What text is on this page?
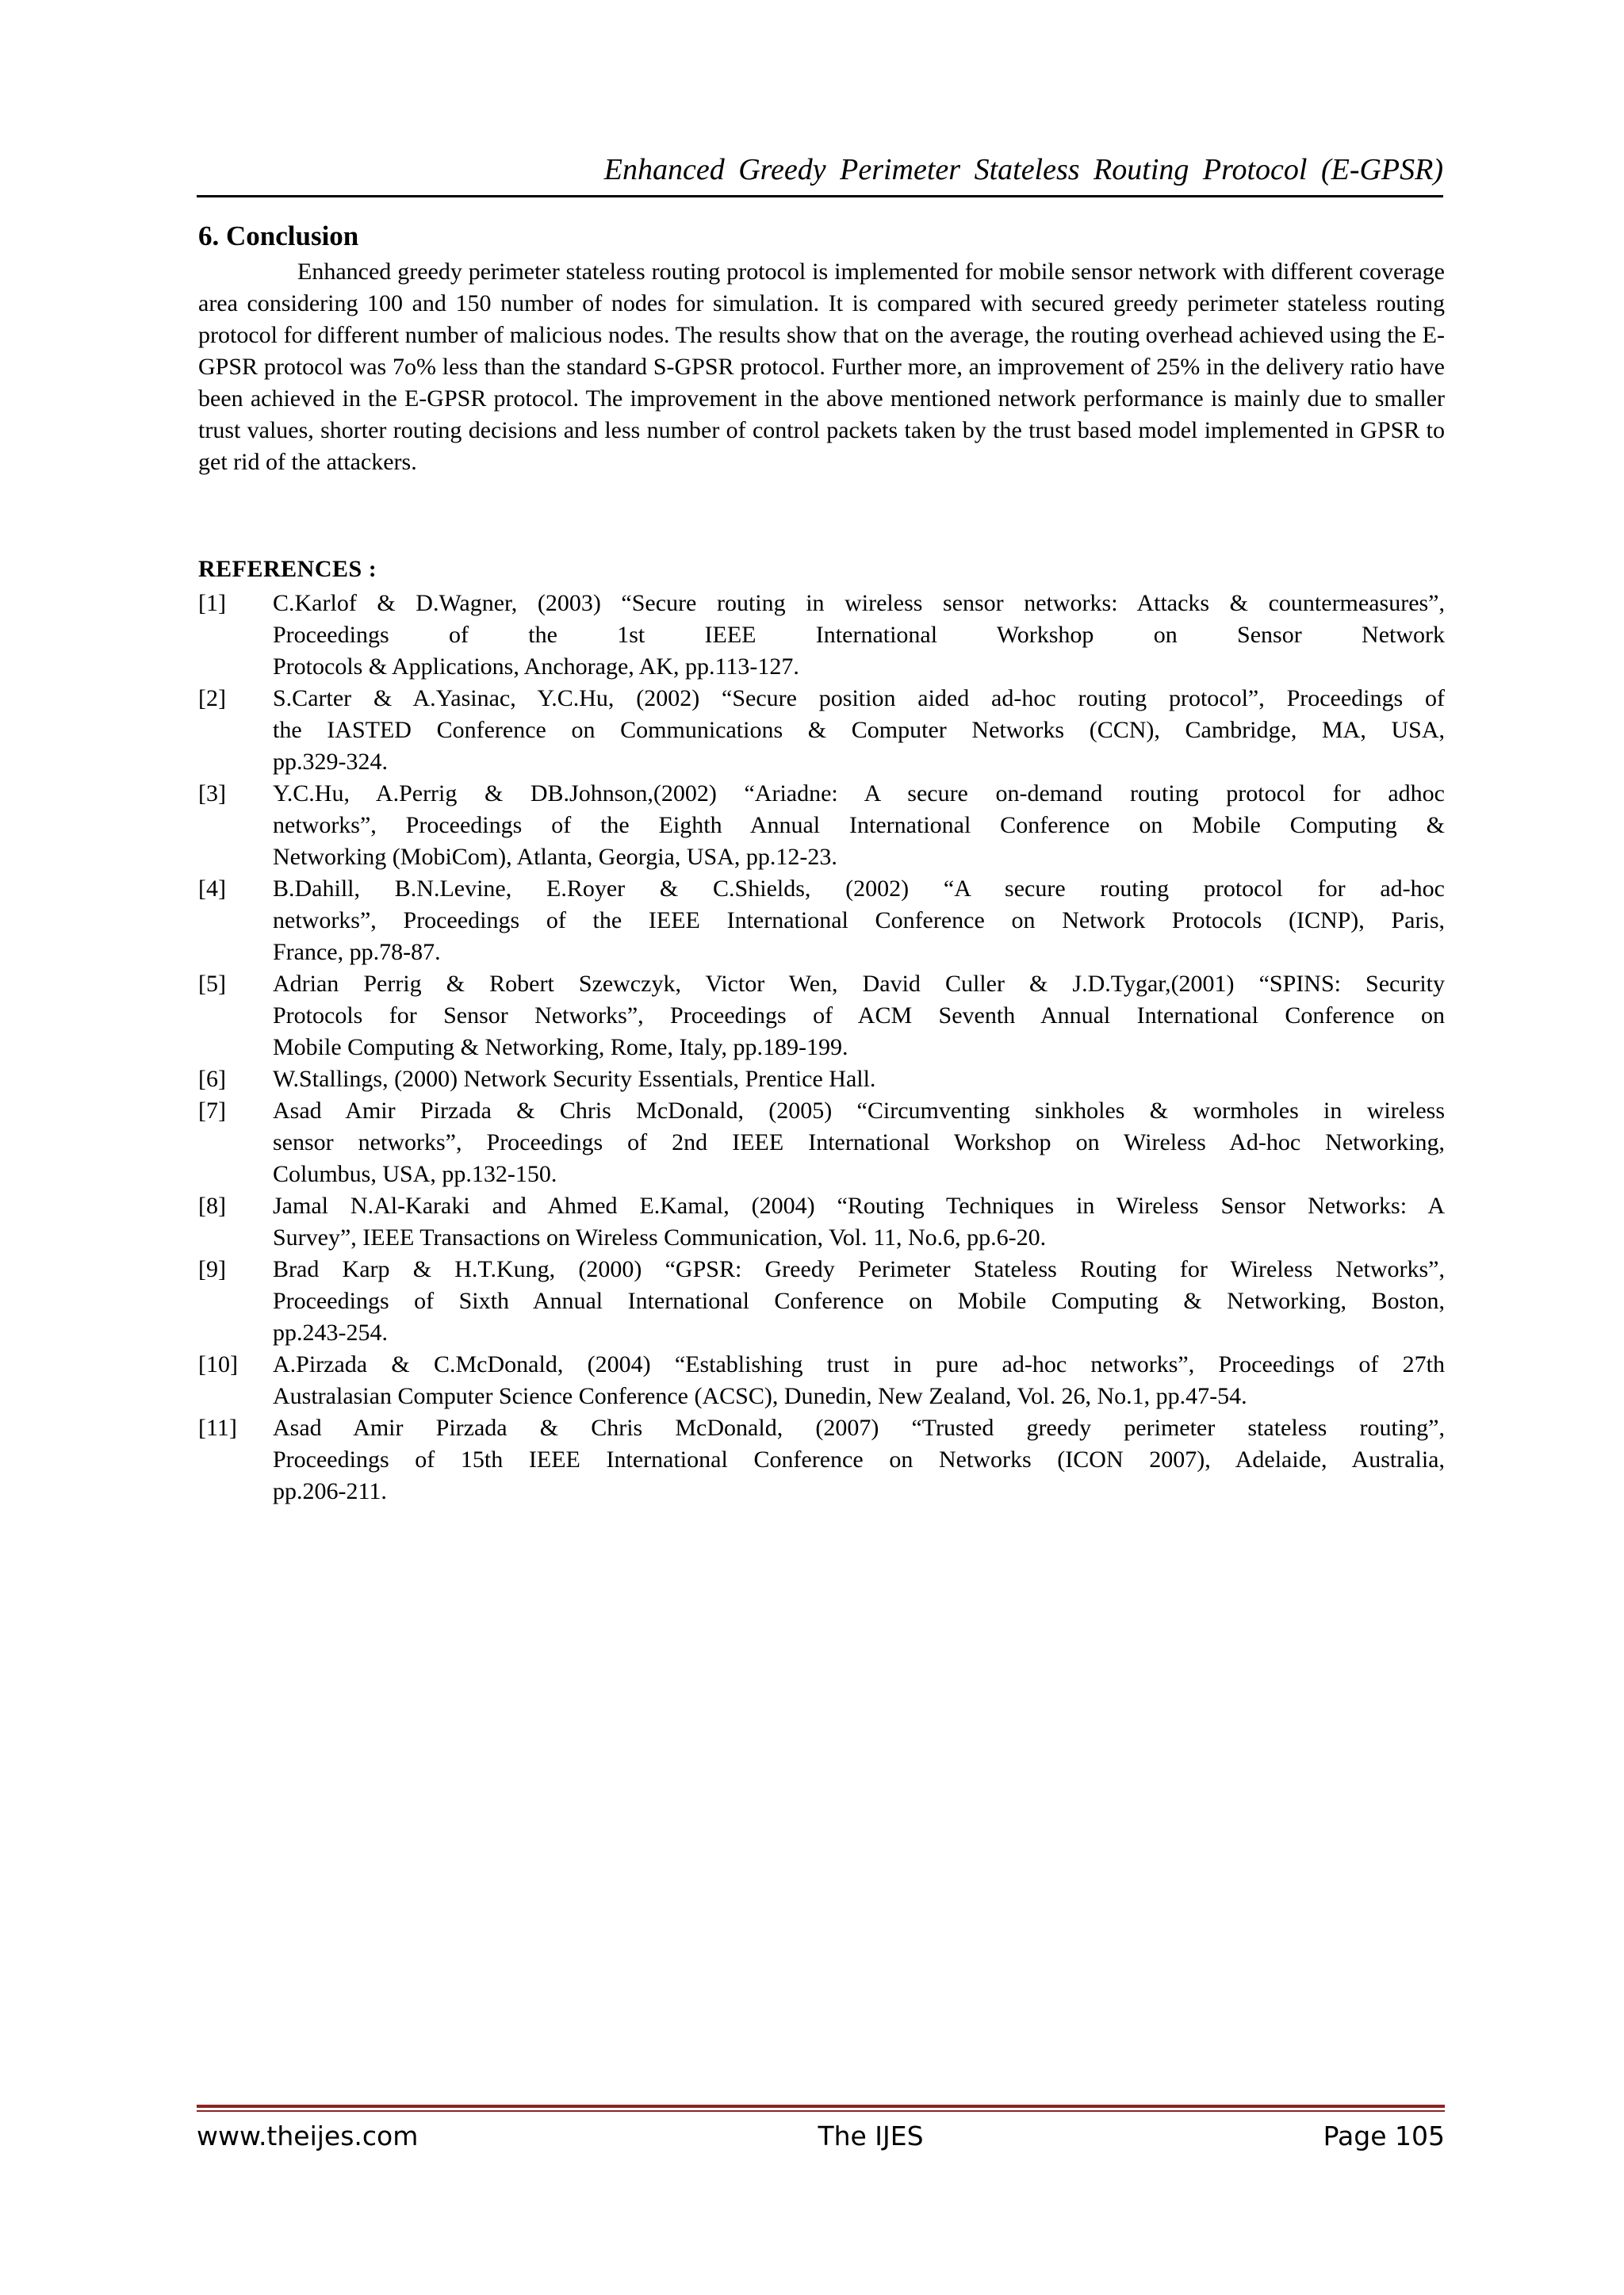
Enhanced Greedy Perimeter Stateless Routing Protocol (E-GPSR)
6. Conclusion

Enhanced greedy perimeter stateless routing protocol is implemented for mobile sensor network with different coverage area considering 100 and 150 number of nodes for simulation. It is compared with secured greedy perimeter stateless routing protocol for different number of malicious nodes. The results show that on the average, the routing overhead achieved using the E-GPSR protocol was 7o% less than the standard S-GPSR protocol. Further more, an improvement of 25% in the delivery ratio have been achieved in the E-GPSR protocol. The improvement in the above mentioned network performance is mainly due to smaller trust values, shorter routing decisions and less number of control packets taken by the trust based model implemented in GPSR to get rid of the attackers.

REFERENCES :
[1]	C.Karlof & D.Wagner, (2003) “Secure routing in wireless sensor networks: Attacks & countermeasures”,
Proceedings of the 1st IEEE International Workshop on Sensor Network
Protocols & Applications, Anchorage, AK, pp.113-127.
[2]	S.Carter & A.Yasinac, Y.C.Hu, (2002) “Secure position aided ad-hoc routing protocol”, Proceedings of
the IASTED Conference on Communications & Computer Networks (CCN), Cambridge, MA, USA,
pp.329-324.
[3]	Y.C.Hu, A.Perrig & DB.Johnson,(2002) “Ariadne: A secure on-demand routing protocol for adhoc
networks”, Proceedings of the Eighth Annual International Conference on Mobile Computing &
Networking (MobiCom), Atlanta, Georgia, USA, pp.12-23.
[4]	B.Dahill, B.N.Levine, E.Royer & C.Shields, (2002) “A secure routing protocol for ad-hoc
networks”, Proceedings of the IEEE International Conference on Network Protocols (ICNP), Paris,
France, pp.78-87.
[5]	Adrian Perrig & Robert Szewczyk, Victor Wen, David Culler & J.D.Tygar,(2001) “SPINS: Security
Protocols for Sensor Networks”, Proceedings of ACM Seventh Annual International Conference on
Mobile Computing & Networking, Rome, Italy, pp.189-199.
[6]	W.Stallings, (2000) Network Security Essentials, Prentice Hall.
[7]	Asad Amir Pirzada & Chris McDonald, (2005) “Circumventing sinkholes & wormholes in wireless
sensor networks”, Proceedings of 2nd IEEE International Workshop on Wireless Ad-hoc Networking,
Columbus, USA, pp.132-150.
[8]	Jamal N.Al-Karaki and Ahmed E.Kamal, (2004) “Routing Techniques in Wireless Sensor Networks: A
Survey”, IEEE Transactions on Wireless Communication, Vol. 11, No.6, pp.6-20.
[9]	Brad Karp & H.T.Kung, (2000) “GPSR: Greedy Perimeter Stateless Routing for Wireless Networks”,
Proceedings of Sixth Annual International Conference on Mobile Computing & Networking, Boston,
pp.243-254.
[10]	A.Pirzada & C.McDonald, (2004) “Establishing trust in pure ad-hoc networks”, Proceedings of 27th
Australasian Computer Science Conference (ACSC), Dunedin, New Zealand, Vol. 26, No.1, pp.47-54.
[11]	Asad Amir Pirzada & Chris McDonald, (2007) “Trusted greedy perimeter stateless routing”,
Proceedings of 15th IEEE International Conference on Networks (ICON 2007), Adelaide, Australia,
pp.206-211.
www.theijes.com	The IJES	Page 105
